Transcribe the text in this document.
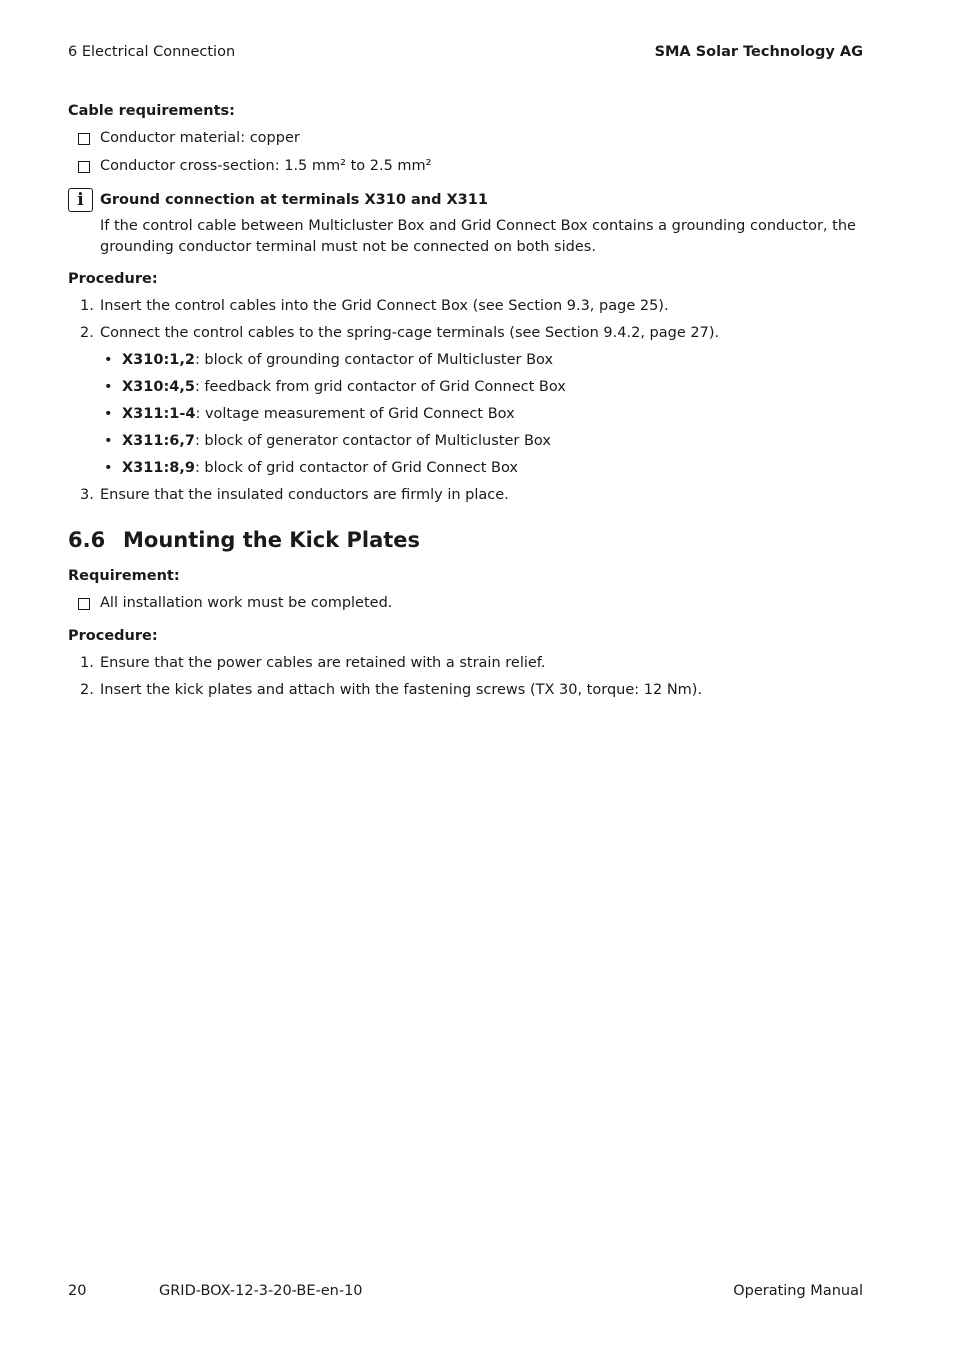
6 Electrical Connection	SMA Solar Technology AG
Cable requirements:
Conductor material: copper
Conductor cross-section: 1.5 mm² to 2.5 mm²
i	Ground connection at terminals X310 and X311
If the control cable between Multicluster Box and Grid Connect Box contains a grounding conductor, the grounding conductor terminal must not be connected on both sides.
Procedure:
1. Insert the control cables into the Grid Connect Box (see Section 9.3, page 25).
2. Connect the control cables to the spring-cage terminals (see Section 9.4.2, page 27).
• X310:1,2: block of grounding contactor of Multicluster Box
• X310:4,5: feedback from grid contactor of Grid Connect Box
• X311:1-4: voltage measurement of Grid Connect Box
• X311:6,7: block of generator contactor of Multicluster Box
• X311:8,9: block of grid contactor of Grid Connect Box
3. Ensure that the insulated conductors are firmly in place.
6.6 Mounting the Kick Plates
Requirement:
All installation work must be completed.
Procedure:
1. Ensure that the power cables are retained with a strain relief.
2. Insert the kick plates and attach with the fastening screws (TX 30, torque: 12 Nm).
20	GRID-BOX-12-3-20-BE-en-10	Operating Manual
